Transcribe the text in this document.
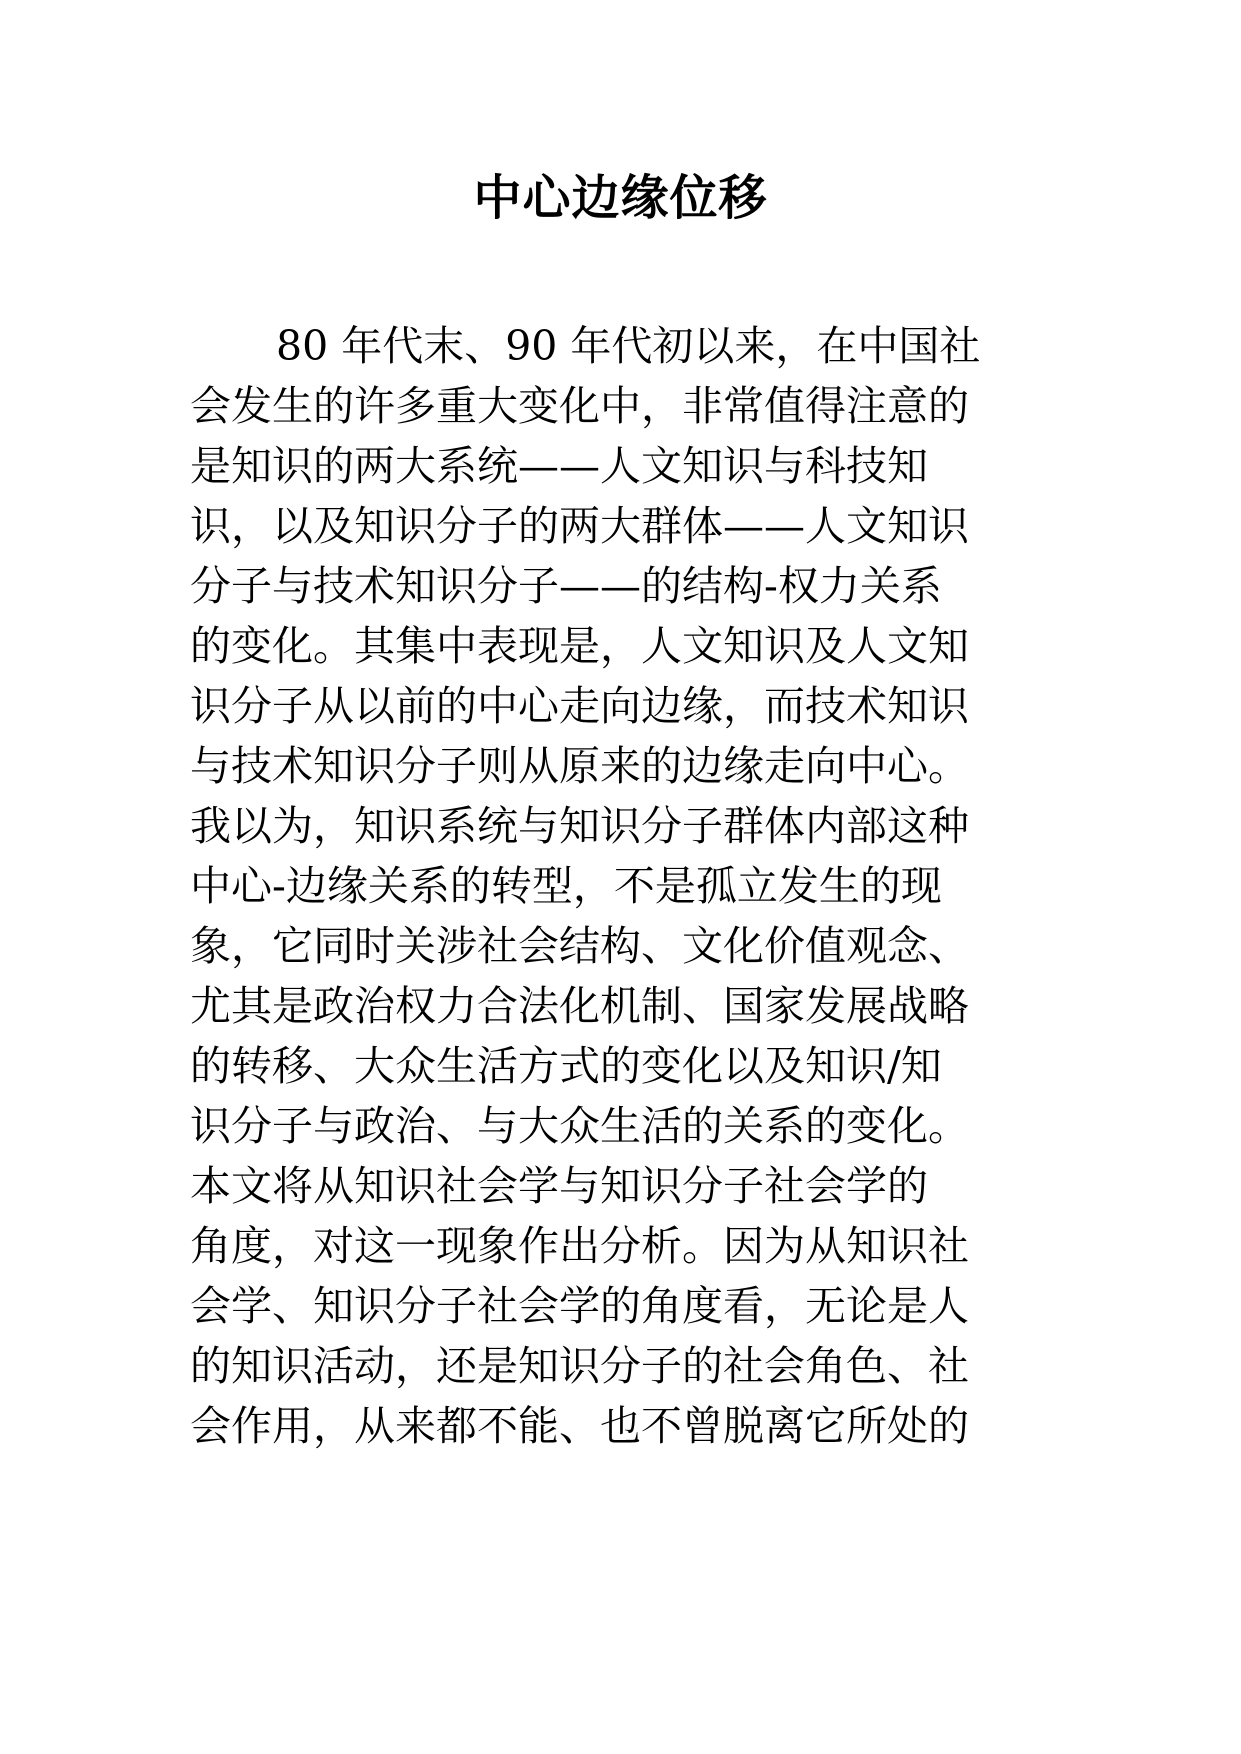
中心边缘位移
80 年代末、90 年代初以来，在中国社
会发生的许多重大变化中，非常值得注意的
是知识的两大系统——人文知识与科技知
识，以及知识分子的两大群体——人文知识
分子与技术知识分子——的结构-权力关系
的变化。其集中表现是，人文知识及人文知
识分子从以前的中心走向边缘，而技术知识
与技术知识分子则从原来的边缘走向中心。
我以为，知识系统与知识分子群体内部这种
中心-边缘关系的转型，不是孤立发生的现
象，它同时关涉社会结构、文化价值观念、
尤其是政治权力合法化机制、国家发展战略
的转移、大众生活方式的变化以及知识/知
识分子与政治、与大众生活的关系的变化。
本文将从知识社会学与知识分子社会学的
角度，对这一现象作出分析。因为从知识社
会学、知识分子社会学的角度看，无论是人
的知识活动，还是知识分子的社会角色、社
会作用，从来都不能、也不曾脱离它所处的
